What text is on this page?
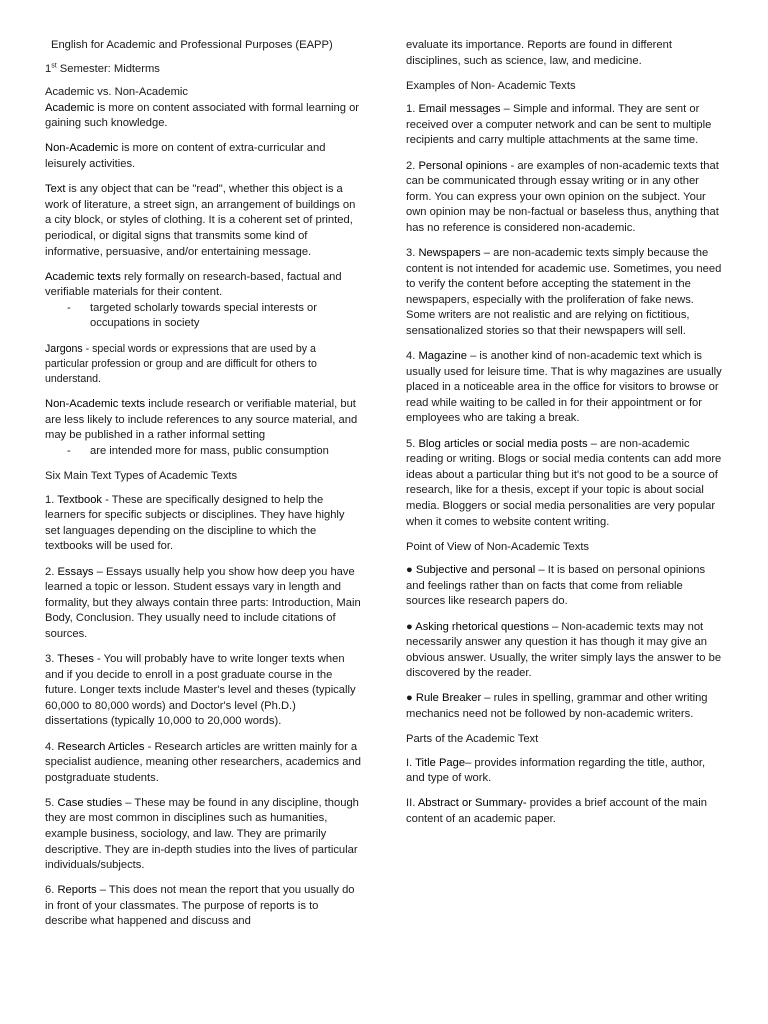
English for Academic and Professional Purposes (EAPP)

1st Semester: Midterms

Academic vs. Non-Academic

Academic is more on content associated with formal learning or gaining such knowledge.

Non-Academic is more on content of extra-curricular and leisurely activities.

Text is any object that can be "read", whether this object is a work of literature, a street sign, an arrangement of buildings on a city block, or styles of clothing. It is a coherent set of printed, periodical, or digital signs that transmits some kind of informative, persuasive, and/or entertaining message.

Academic texts rely formally on research-based, factual and verifiable materials for their content.

- targeted scholarly towards special interests or occupations in society

Jargons - special words or expressions that are used by a particular profession or group and are difficult for others to understand.

Non-Academic texts include research or verifiable material, but are less likely to include references to any source material, and may be published in a rather informal setting

- are intended more for mass, public consumption

Six Main Text Types of Academic Texts

1. Textbook - These are specifically designed to help the learners for specific subjects or disciplines. They have highly set languages depending on the discipline to which the textbooks will be used for.

2. Essays – Essays usually help you show how deep you have learned a topic or lesson. Student essays vary in length and formality, but they always contain three parts: Introduction, Main Body, Conclusion. They usually need to include citations of sources.

3. Theses - You will probably have to write longer texts when and if you decide to enroll in a post graduate course in the future. Longer texts include Master's level and theses (typically 60,000 to 80,000 words) and Doctor's level (Ph.D.) dissertations (typically 10,000 to 20,000 words).

4. Research Articles - Research articles are written mainly for a specialist audience, meaning other researchers, academics and postgraduate students.

5. Case studies – These may be found in any discipline, though they are most common in disciplines such as humanities, example business, sociology, and law. They are primarily descriptive. They are in-depth studies into the lives of particular individuals/subjects.

6. Reports – This does not mean the report that you usually do in front of your classmates. The purpose of reports is to describe what happened and discuss and

evaluate its importance. Reports are found in different disciplines, such as science, law, and medicine.

Examples of Non- Academic Texts

1. Email messages – Simple and informal. They are sent or received over a computer network and can be sent to multiple recipients and carry multiple attachments at the same time.

2. Personal opinions - are examples of non-academic texts that can be communicated through essay writing or in any other form. You can express your own opinion on the subject. Your own opinion may be non-factual or baseless thus, anything that has no reference is considered non-academic.

3. Newspapers – are non-academic texts simply because the content is not intended for academic use. Sometimes, you need to verify the content before accepting the statement in the newspapers, especially with the proliferation of fake news. Some writers are not realistic and are relying on fictitious, sensationalized stories so that their newspapers will sell.

4. Magazine – is another kind of non-academic text which is usually used for leisure time. That is why magazines are usually placed in a noticeable area in the office for visitors to browse or read while waiting to be called in for their appointment or for employees who are taking a break.

5. Blog articles or social media posts – are non-academic reading or writing. Blogs or social media contents can add more ideas about a particular thing but it's not good to be a source of research, like for a thesis, except if your topic is about social media. Bloggers or social media personalities are very popular when it comes to website content writing.

Point of View of Non-Academic Texts

● Subjective and personal – It is based on personal opinions and feelings rather than on facts that come from reliable sources like research papers do.

● Asking rhetorical questions – Non-academic texts may not necessarily answer any question it has though it may give an obvious answer. Usually, the writer simply lays the answer to be discovered by the reader.

● Rule Breaker – rules in spelling, grammar and other writing mechanics need not be followed by non-academic writers.

Parts of the Academic Text

I. Title Page– provides information regarding the title, author, and type of work.

II. Abstract or Summary- provides a brief account of the main content of an academic paper.
